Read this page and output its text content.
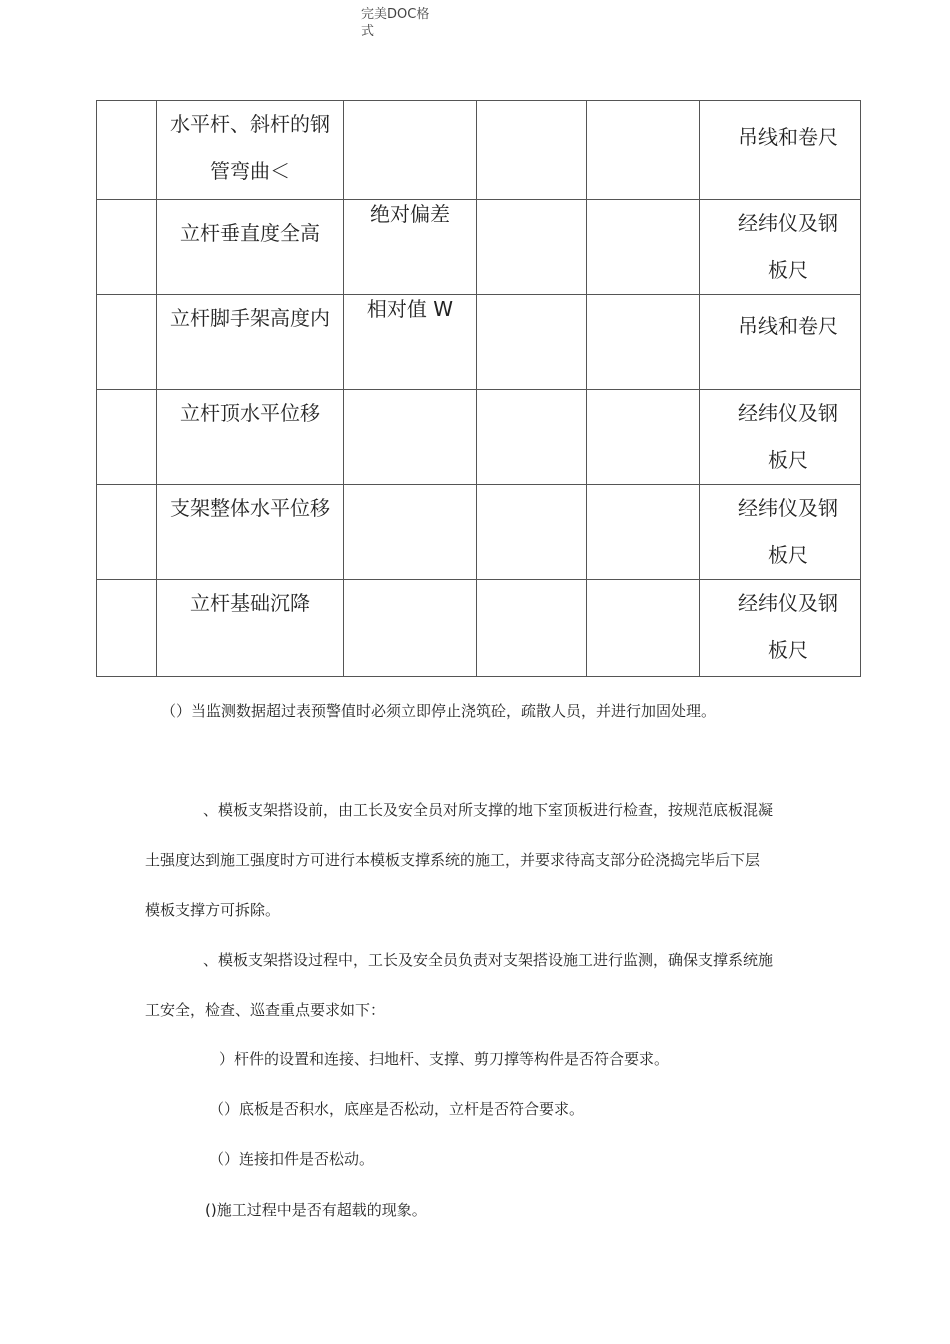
完美DOC格
式

	水平杆、斜杆的钢管弯曲＜				吊线和卷尺

	立杆垂直度全高	绝对偏差			经纬仪及钢板尺

	立杆脚手架高度内	相对值 W			吊线和卷尺

	立杆顶水平位移				经纬仪及钢板尺

	支架整体水平位移				经纬仪及钢板尺

	立杆基础沉降				经纬仪及钢板尺
（）当监测数据超过表预警值时必须立即停止浇筑砼，疏散人员，并进行加固处理。
、模板支架搭设前，由工长及安全员对所支撑的地下室顶板进行检查，按规范底板混凝
土强度达到施工强度时方可进行本模板支撑系统的施工，并要求待高支部分砼浇捣完毕后下层
模板支撑方可拆除。
、模板支架搭设过程中，工长及安全员负责对支架搭设施工进行监测，确保支撑系统施
工安全，检查、巡查重点要求如下：
）杆件的设置和连接、扫地杆、支撑、剪刀撑等构件是否符合要求。
（）底板是否积水，底座是否松动，立杆是否符合要求。
（）连接扣件是否松动。
()施工过程中是否有超载的现象。
